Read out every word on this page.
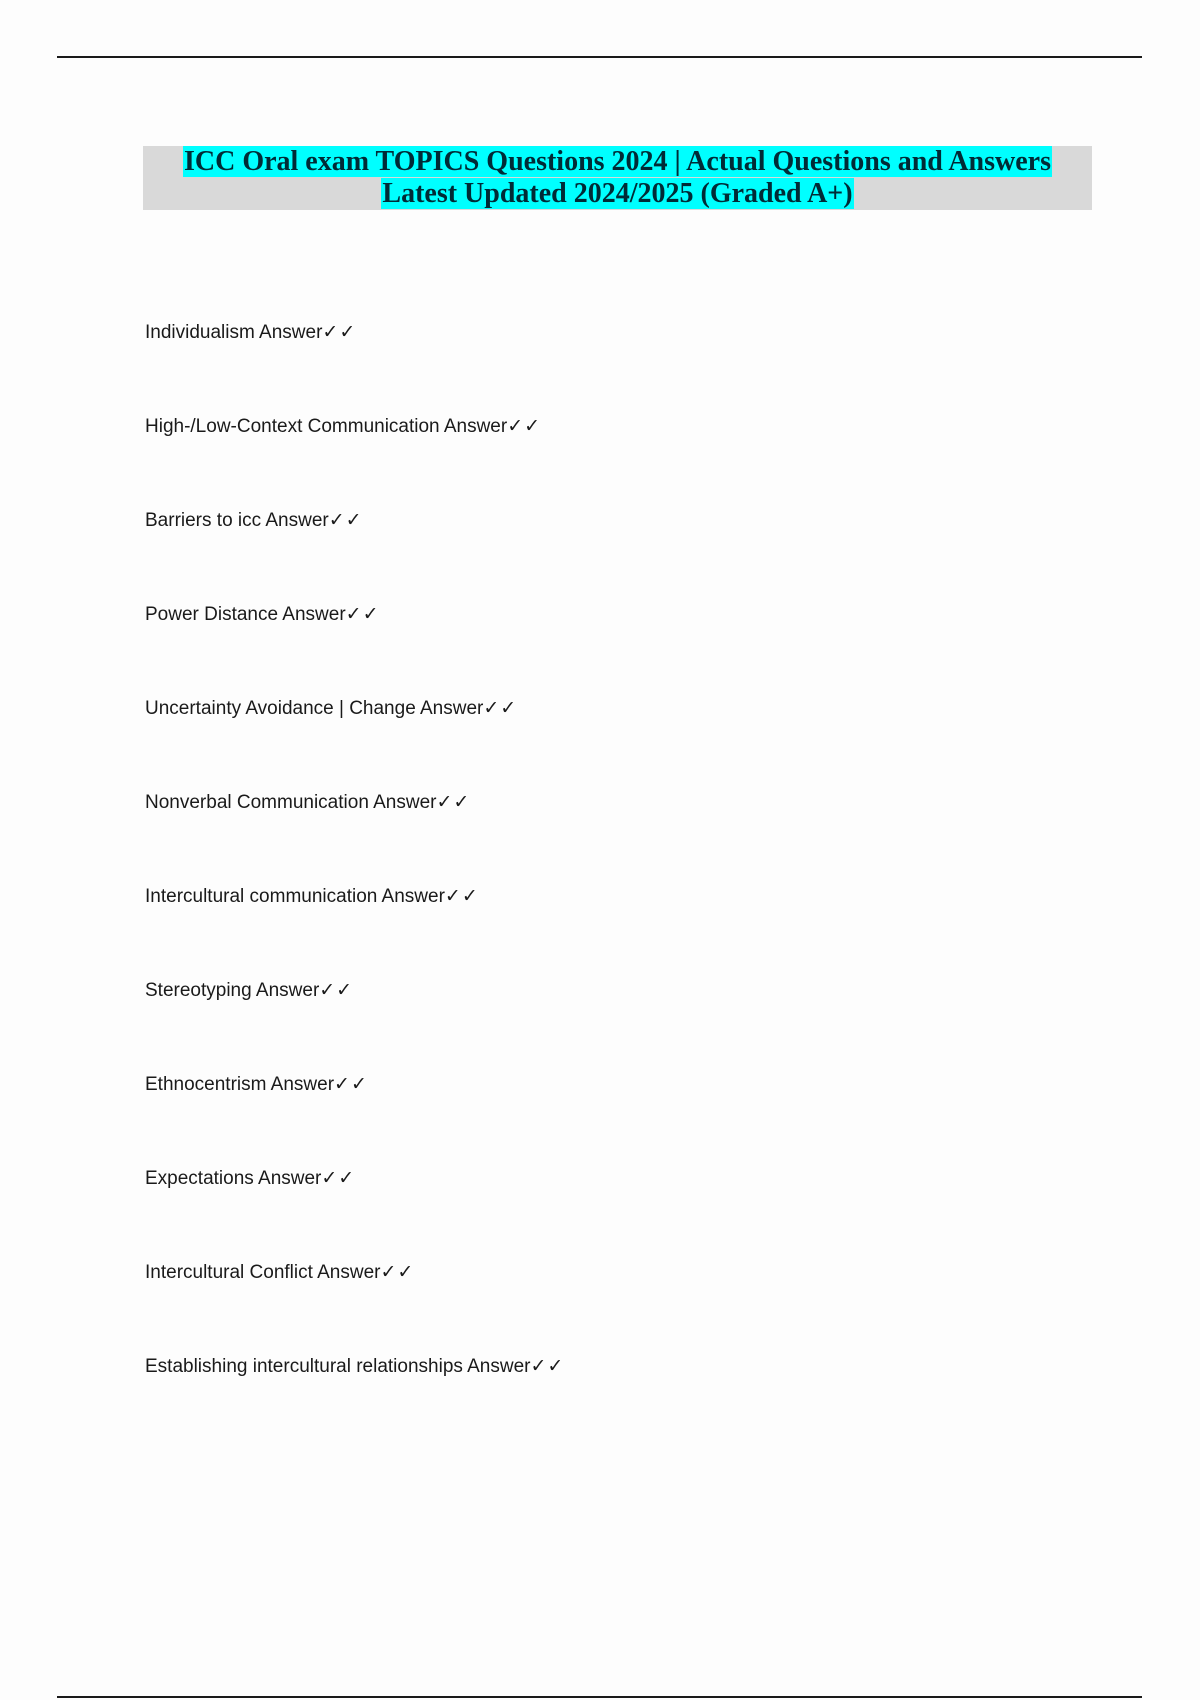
ICC Oral exam TOPICS Questions 2024 | Actual Questions and Answers
Latest Updated 2024/2025 (Graded A+)
Individualism Answer✓✓
High-/Low-Context Communication Answer✓✓
Barriers to icc Answer✓✓
Power Distance Answer✓✓
Uncertainty Avoidance | Change Answer✓✓
Nonverbal Communication Answer✓✓
Intercultural communication Answer✓✓
Stereotyping Answer✓✓
Ethnocentrism Answer✓✓
Expectations Answer✓✓
Intercultural Conflict Answer✓✓
Establishing intercultural relationships Answer✓✓
